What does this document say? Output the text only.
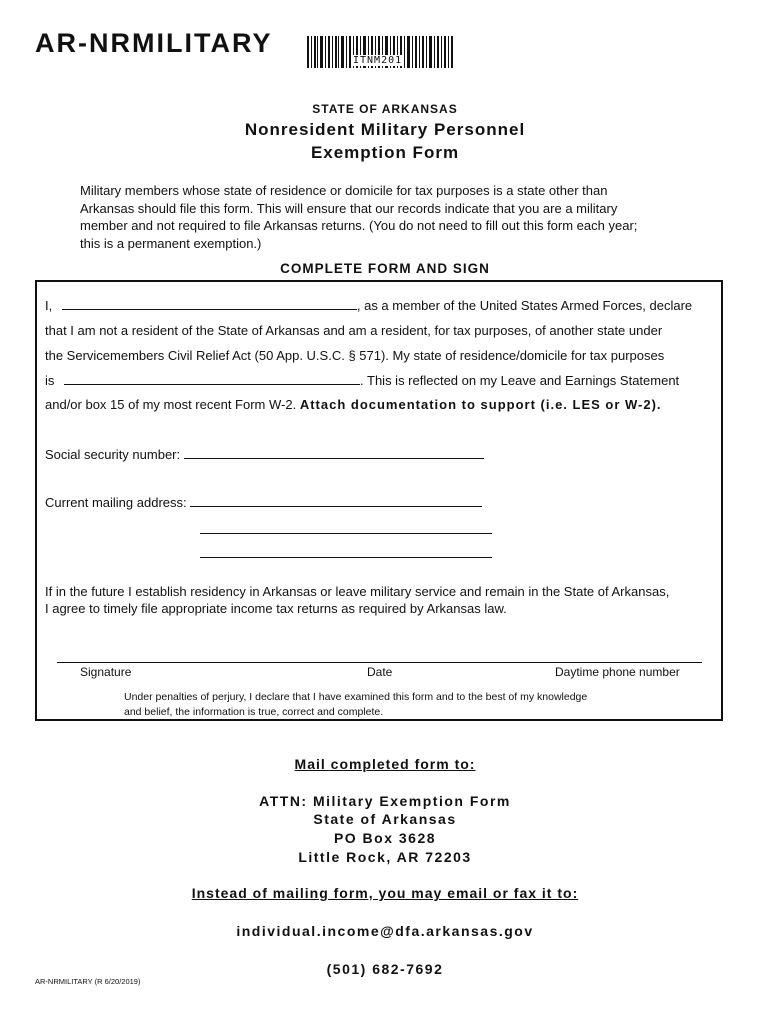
AR-NRMILITARY
ITNM201
STATE OF ARKANSAS
Nonresident Military Personnel
Exemption Form
Military members whose state of residence or domicile for tax purposes is a state other than
Arkansas should file this form. This will ensure that our records indicate that you are a military
member and not required to file Arkansas returns. (You do not need to fill out this form each year;
this is a permanent exemption.)
COMPLETE FORM AND SIGN
I,	, as a member of the United States Armed Forces, declare
that I am not a resident of the State of Arkansas and am a resident, for tax purposes, of another state under
the Servicemembers Civil Relief Act (50 App. U.S.C. § 571). My state of residence/domicile for tax purposes
is	. This is reflected on my Leave and Earnings Statement
and/or box 15 of my most recent Form W-2. Attach documentation to support (i.e. LES or W-2).
Social security number:
Current mailing address:
If in the future I establish residency in Arkansas or leave military service and remain in the State of Arkansas,
I agree to timely file appropriate income tax returns as required by Arkansas law.
Signature	Date	Daytime phone number
Under penalties of perjury, I declare that I have examined this form and to the best of my knowledge
and belief, the information is true, correct and complete.
Mail completed form to:
ATTN: Military Exemption Form
State of Arkansas
PO Box 3628
Little Rock, AR 72203
Instead of mailing form, you may email or fax it to:
individual.income@dfa.arkansas.gov
(501) 682-7692
AR-NRMILITARY (R 6/20/2019)
